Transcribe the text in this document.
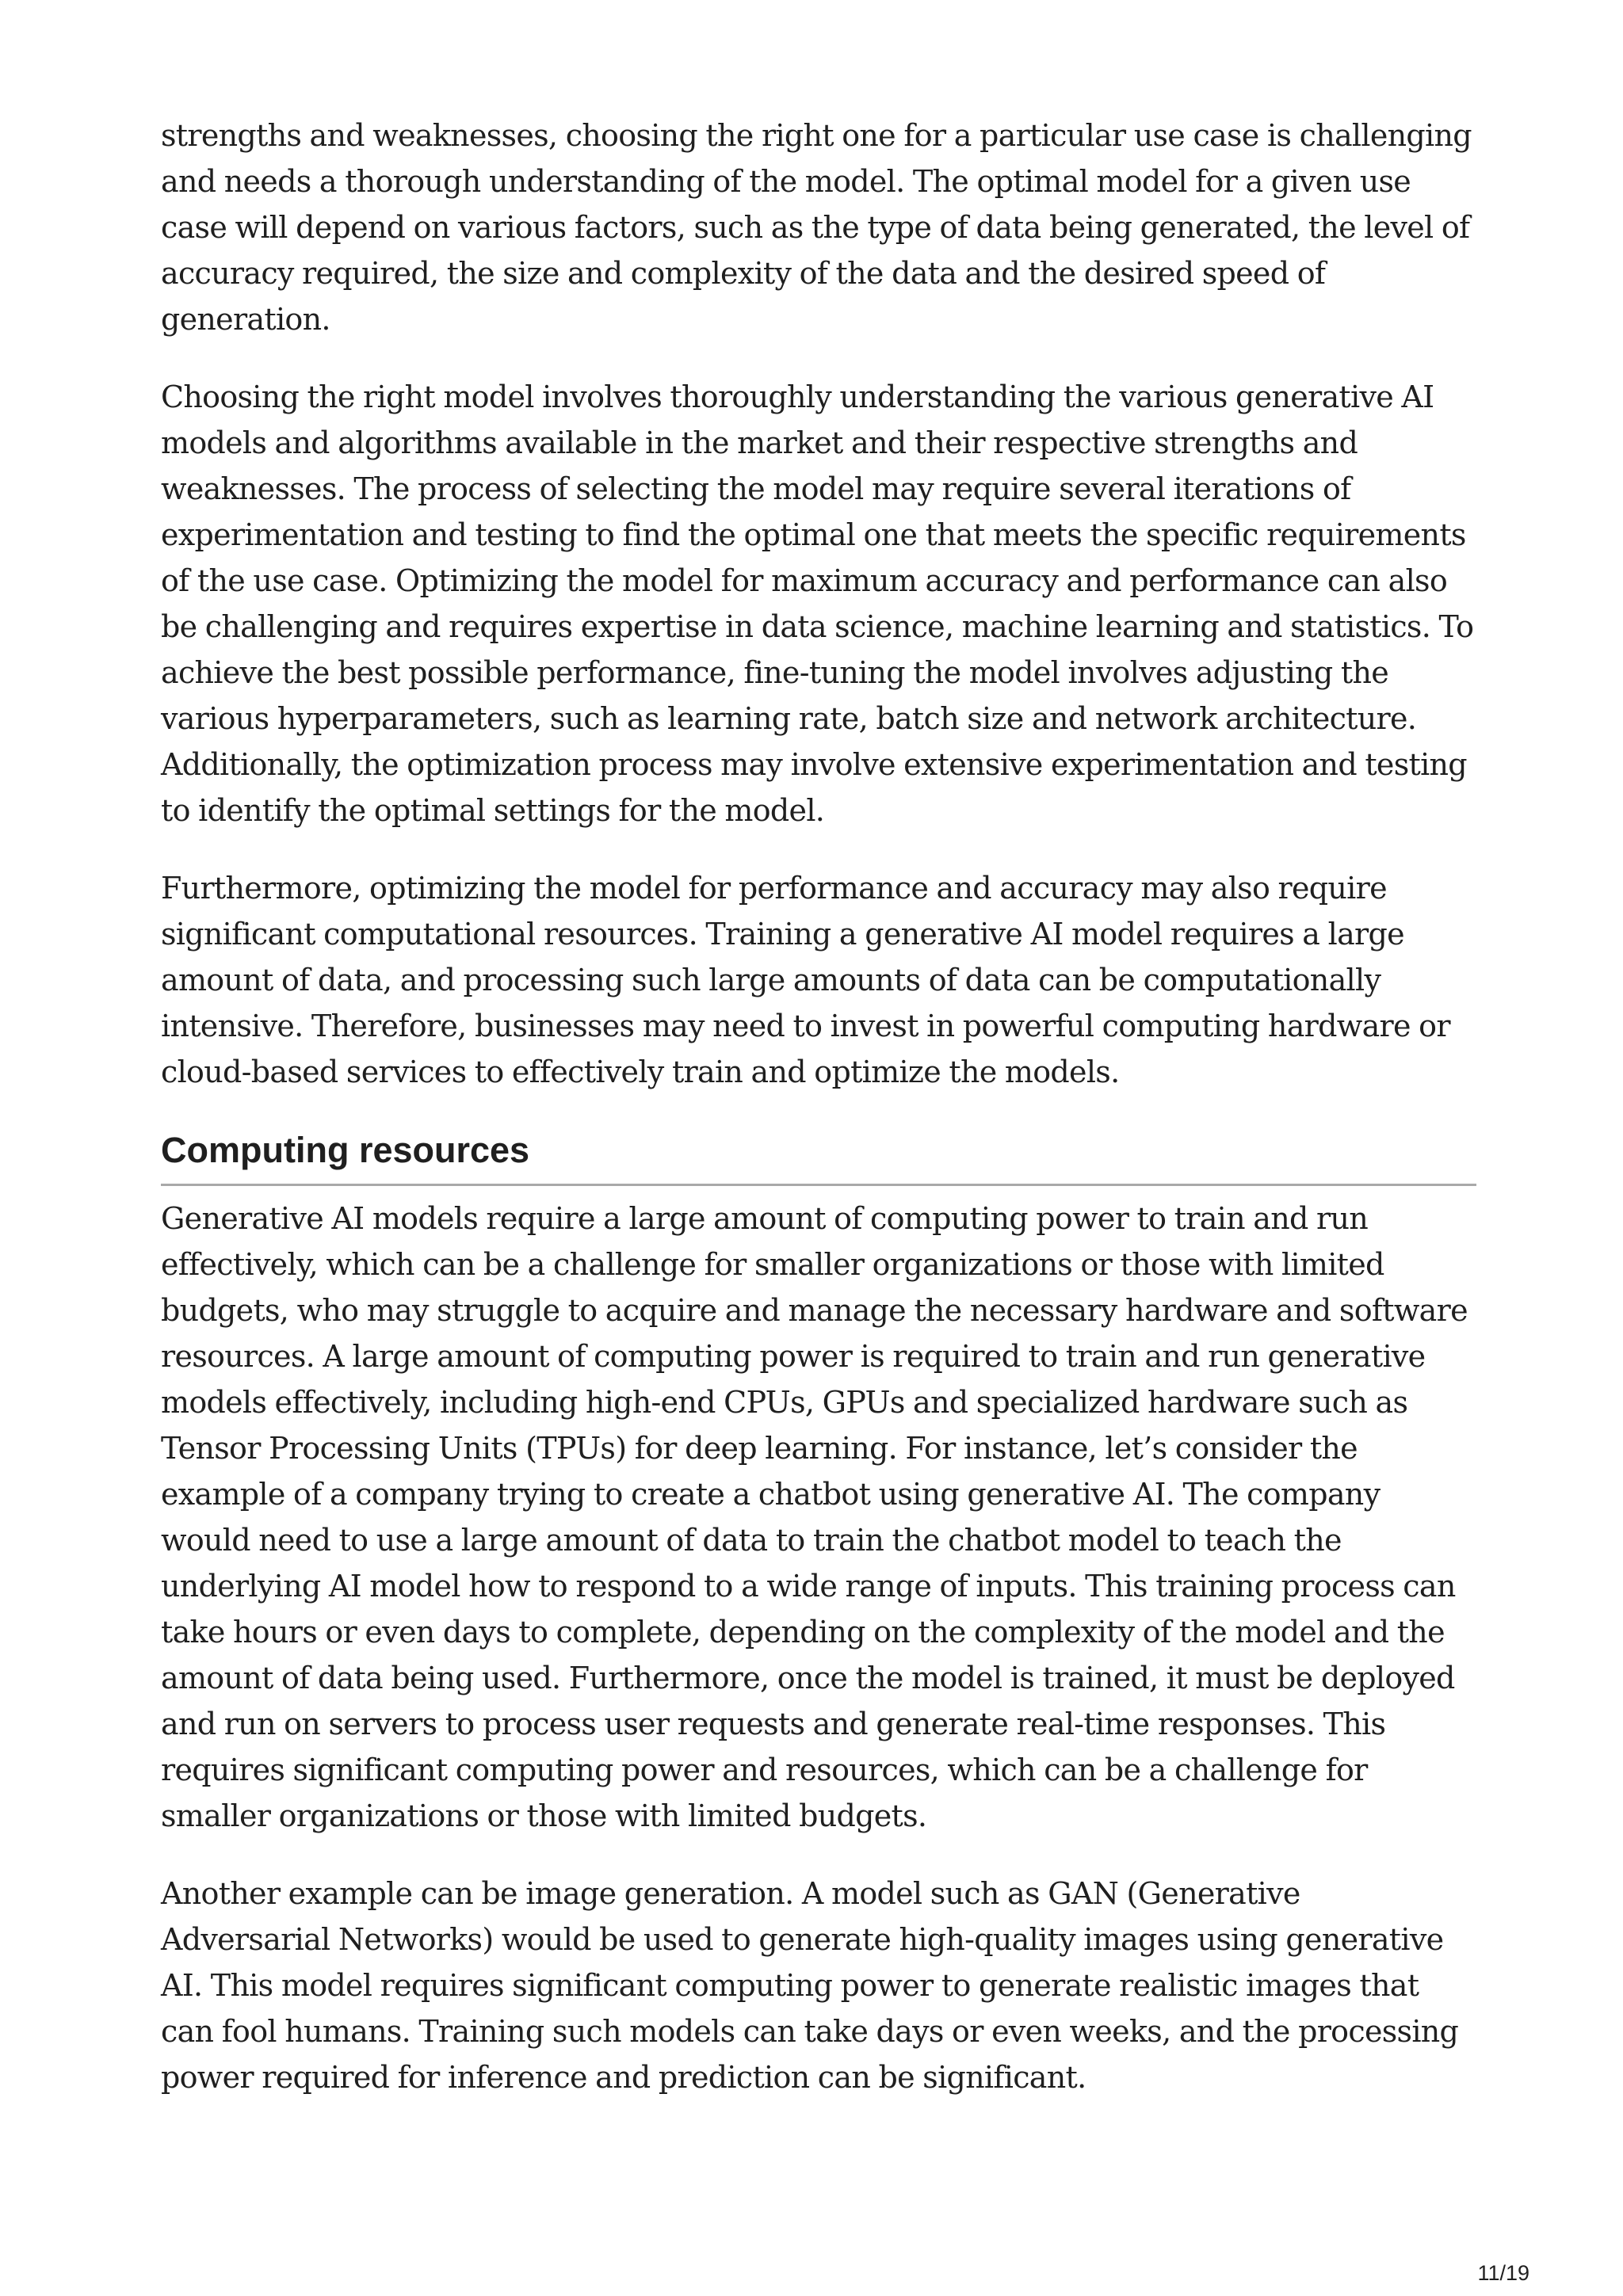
strengths and weaknesses, choosing the right one for a particular use case is challenging and needs a thorough understanding of the model. The optimal model for a given use case will depend on various factors, such as the type of data being generated, the level of accuracy required, the size and complexity of the data and the desired speed of generation.

Choosing the right model involves thoroughly understanding the various generative AI models and algorithms available in the market and their respective strengths and weaknesses. The process of selecting the model may require several iterations of experimentation and testing to find the optimal one that meets the specific requirements of the use case. Optimizing the model for maximum accuracy and performance can also be challenging and requires expertise in data science, machine learning and statistics. To achieve the best possible performance, fine-tuning the model involves adjusting the various hyperparameters, such as learning rate, batch size and network architecture. Additionally, the optimization process may involve extensive experimentation and testing to identify the optimal settings for the model.

Furthermore, optimizing the model for performance and accuracy may also require significant computational resources. Training a generative AI model requires a large amount of data, and processing such large amounts of data can be computationally intensive. Therefore, businesses may need to invest in powerful computing hardware or cloud-based services to effectively train and optimize the models.

Computing resources

Generative AI models require a large amount of computing power to train and run effectively, which can be a challenge for smaller organizations or those with limited budgets, who may struggle to acquire and manage the necessary hardware and software resources. A large amount of computing power is required to train and run generative models effectively, including high-end CPUs, GPUs and specialized hardware such as Tensor Processing Units (TPUs) for deep learning. For instance, let’s consider the example of a company trying to create a chatbot using generative AI. The company would need to use a large amount of data to train the chatbot model to teach the underlying AI model how to respond to a wide range of inputs. This training process can take hours or even days to complete, depending on the complexity of the model and the amount of data being used. Furthermore, once the model is trained, it must be deployed and run on servers to process user requests and generate real-time responses. This requires significant computing power and resources, which can be a challenge for smaller organizations or those with limited budgets.

Another example can be image generation. A model such as GAN (Generative Adversarial Networks) would be used to generate high-quality images using generative AI. This model requires significant computing power to generate realistic images that can fool humans. Training such models can take days or even weeks, and the processing power required for inference and prediction can be significant.

11/19
